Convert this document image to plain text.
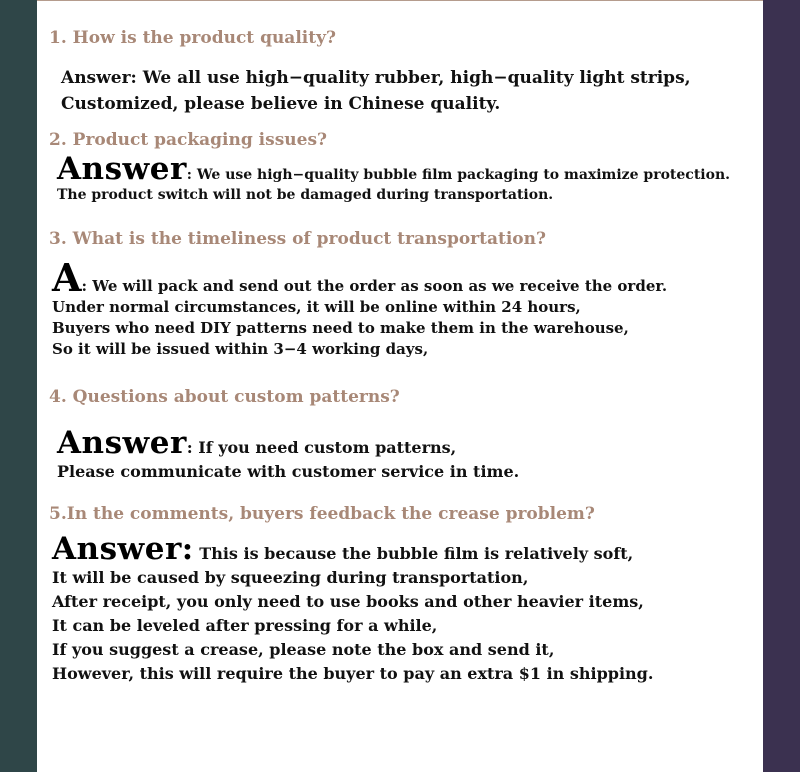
1. How is the product quality?
Answer: We all use high−quality rubber, high−quality light strips,
Customized, please believe in Chinese quality.
2. Product packaging issues?
Answer: We use high−quality bubble film packaging to maximize protection.
The product switch will not be damaged during transportation.
3. What is the timeliness of product transportation?
A: We will pack and send out the order as soon as we receive the order.
Under normal circumstances, it will be online within 24 hours,
Buyers who need DIY patterns need to make them in the warehouse,
So it will be issued within 3−4 working days,
4. Questions about custom patterns?
Answer: If you need custom patterns,
Please communicate with customer service in time.
5.In the comments, buyers feedback the crease problem?
Answer: This is because the bubble film is relatively soft,
It will be caused by squeezing during transportation,
After receipt, you only need to use books and other heavier items,
It can be leveled after pressing for a while,
If you suggest a crease, please note the box and send it,
However, this will require the buyer to pay an extra $1 in shipping.
